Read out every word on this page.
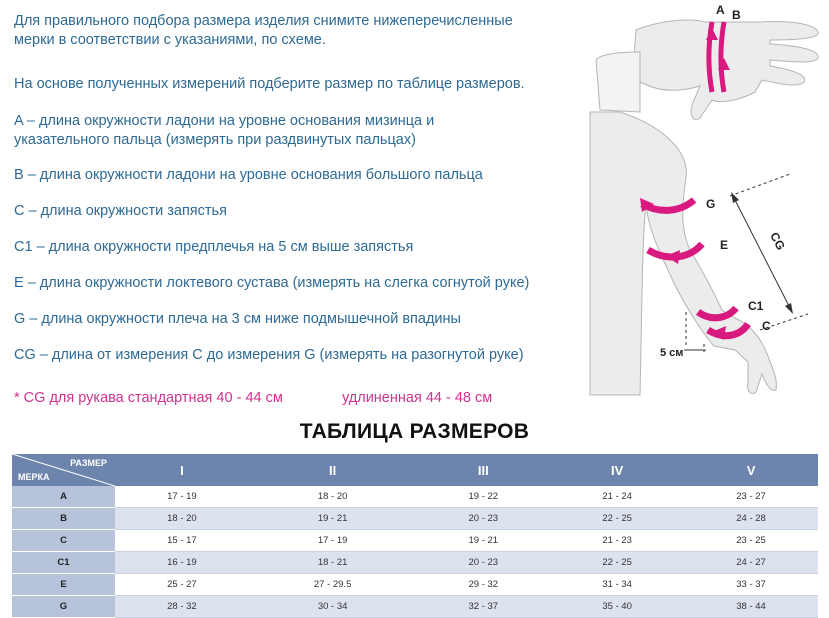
Для правильного подбора размера изделия снимите нижеперечисленные
мерки в соответствии с указаниями, по схеме.
На основе полученных измерений подберите размер по таблице размеров.
A – длина окружности ладони на уровне основания мизинца и
указательного пальца (измерять при раздвинутых пальцах)
B – длина окружности ладони на уровне основания большого пальца
C – длина окружности запястья
C1 – длина окружности предплечья на 5 см выше запястья
E – длина окружности локтевого сустава (измерять на слегка согнутой руке)
G – длина окружности плеча на 3 см ниже подмышечной впадины
CG – длина от измерения C до измерения G (измерять на разогнутой руке)
* CG для рукава стандартная 40 - 44 см	удлиненная 44 - 48 см
A B
G
E	CG
C1
C
5 см
ТАБЛИЦА РАЗМЕРОВ
РАЗМЕР
МЕРКА	I	II	III	IV	V
A	17 - 19	18 - 20	19 - 22	21 - 24	23 - 27
B	18 - 20	19 - 21	20 - 23	22 - 25	24 - 28
C	15 - 17	17 - 19	19 - 21	21 - 23	23 - 25
C1	16 - 19	18 - 21	20 - 23	22 - 25	24 - 27
E	25 - 27	27 - 29.5	29 - 32	31 - 34	33 - 37
G	28 - 32	30 - 34	32 - 37	35 - 40	38 - 44
